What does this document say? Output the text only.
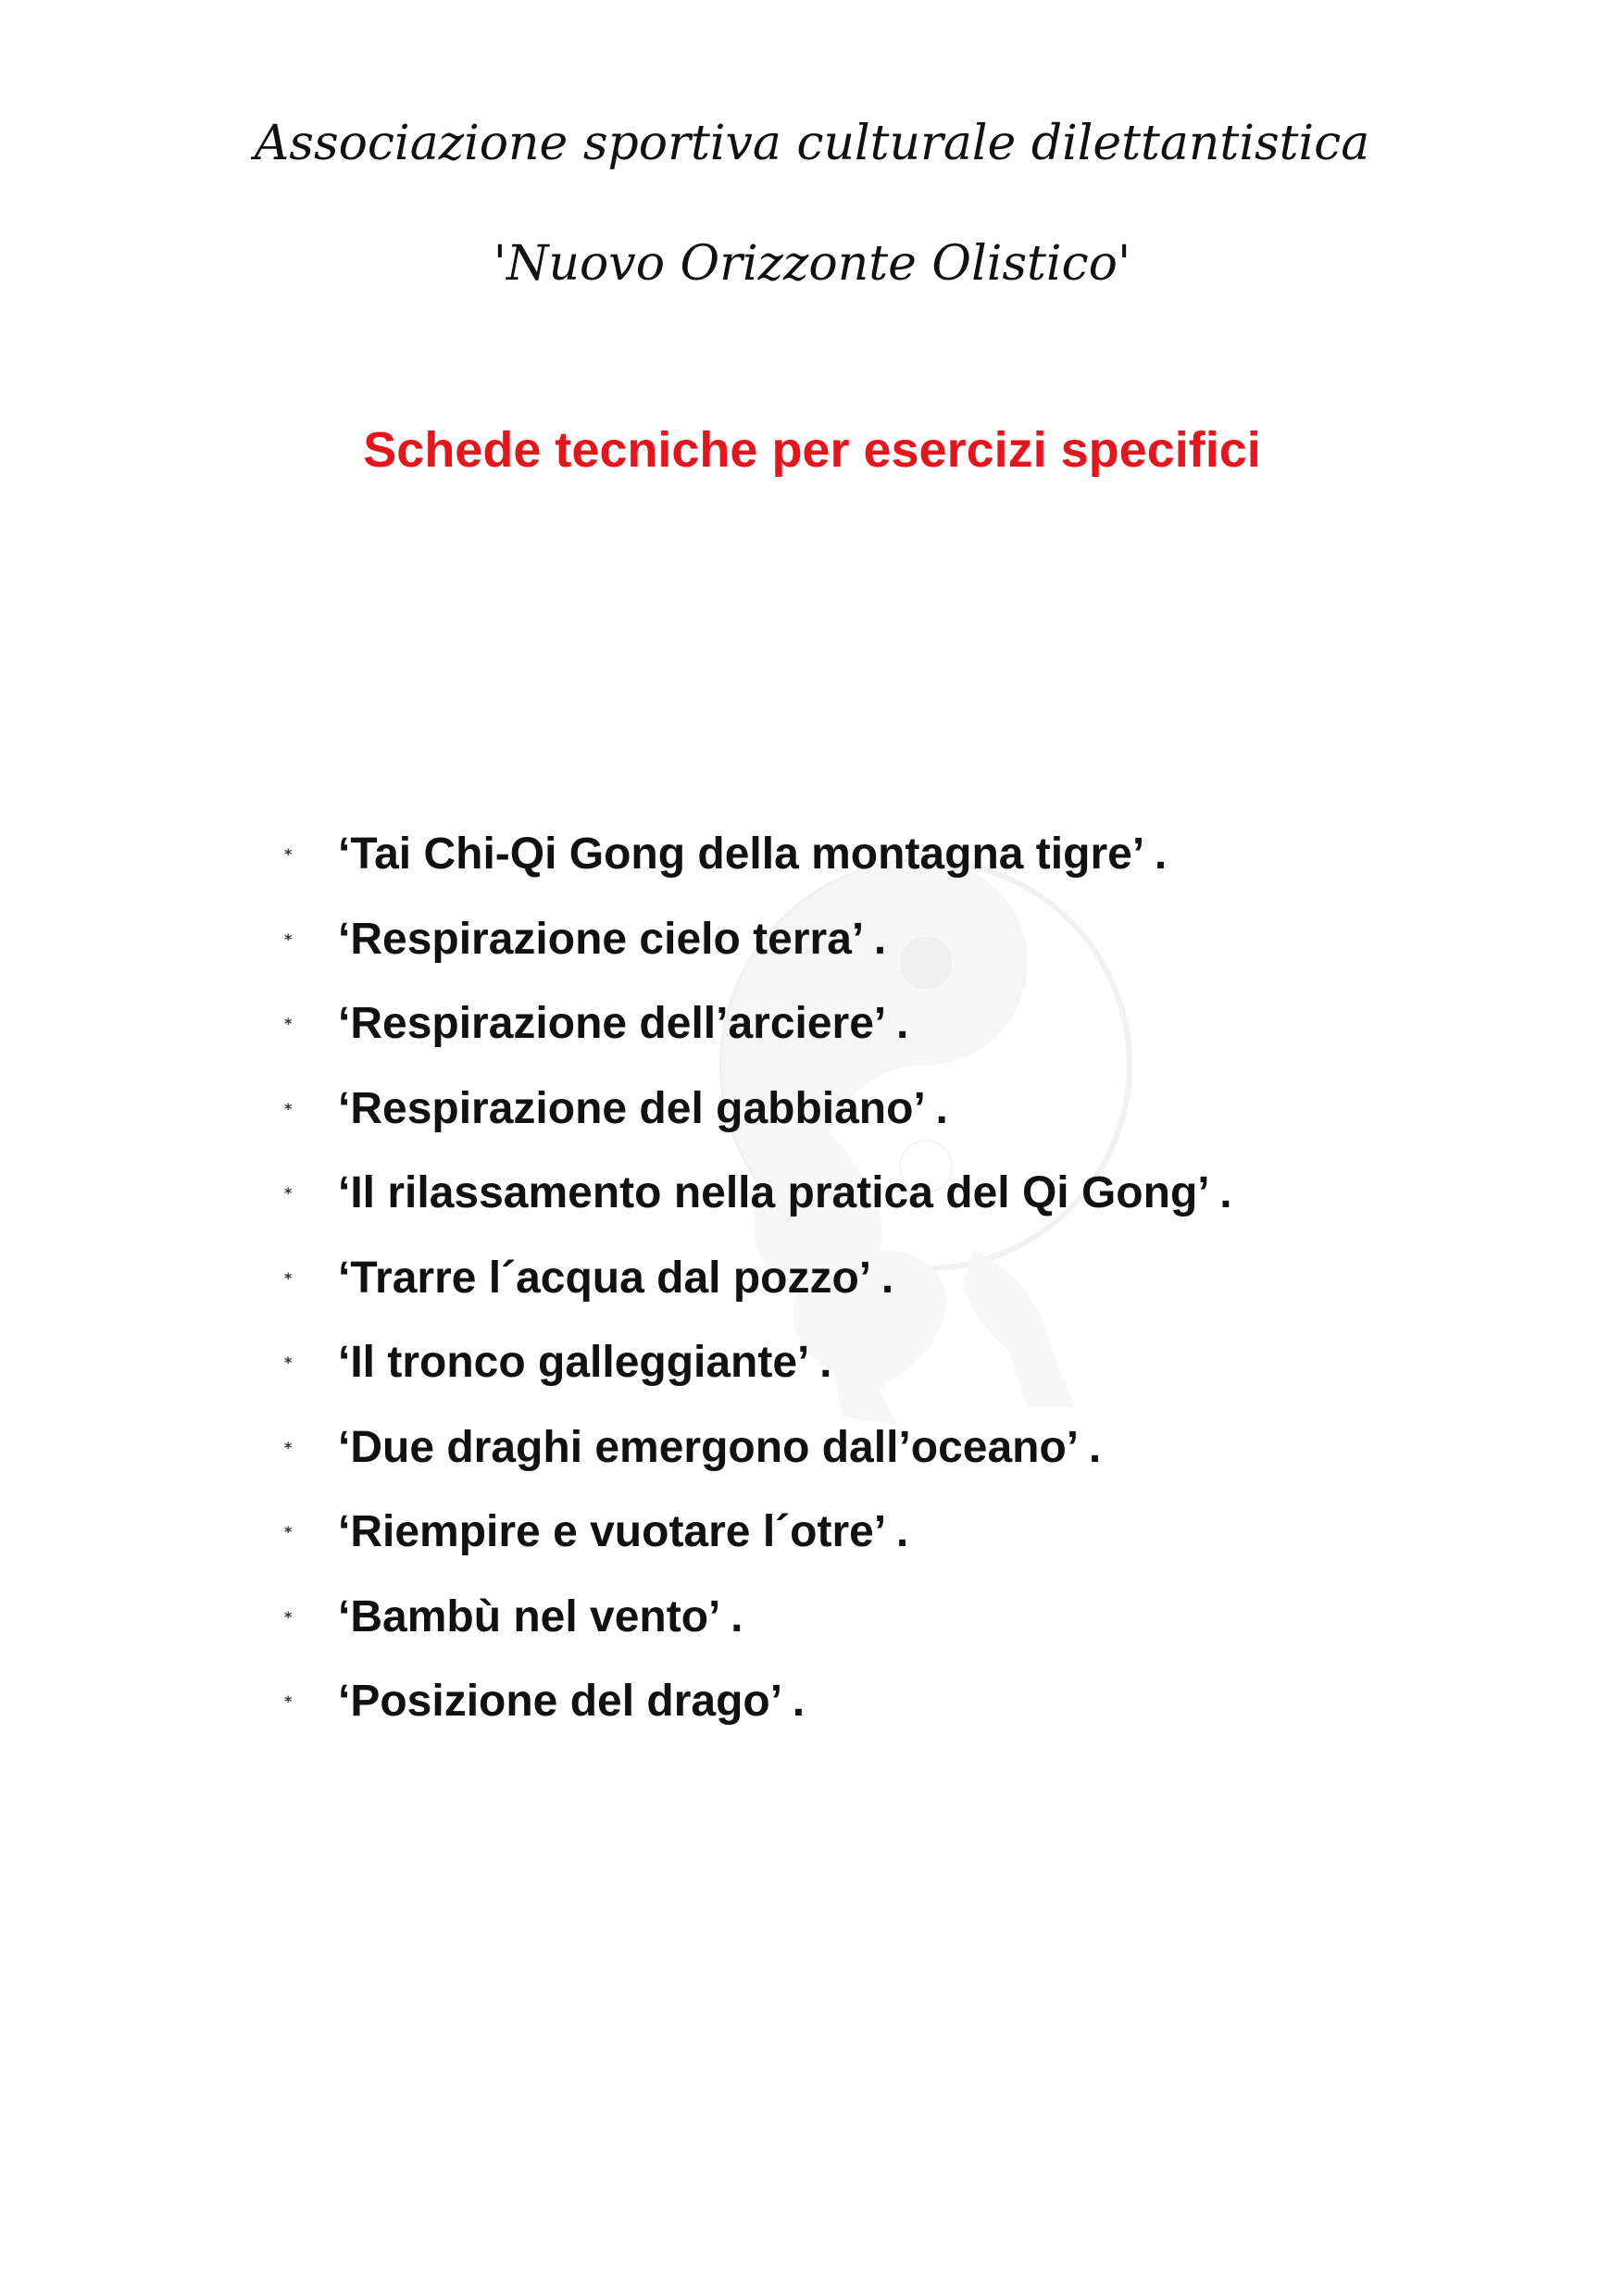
Associazione sportiva culturale dilettantistica
'Nuovo Orizzonte Olistico'
Schede tecniche per esercizi specifici
* ‘Tai Chi-Qi Gong della montagna tigre’ .
* ‘Respirazione cielo terra’ .
* ‘Respirazione dell’arciere’ .
* ‘Respirazione del gabbiano’ .
* ‘Il rilassamento nella pratica del Qi Gong’ .
* ‘Trarre l´acqua dal pozzo’ .
* ‘Il tronco galleggiante’ .
* ‘Due draghi emergono dall’oceano’ .
* ‘Riempire e vuotare l´otre’ .
* ‘Bambù nel vento’ .
* ‘Posizione del drago’ .
